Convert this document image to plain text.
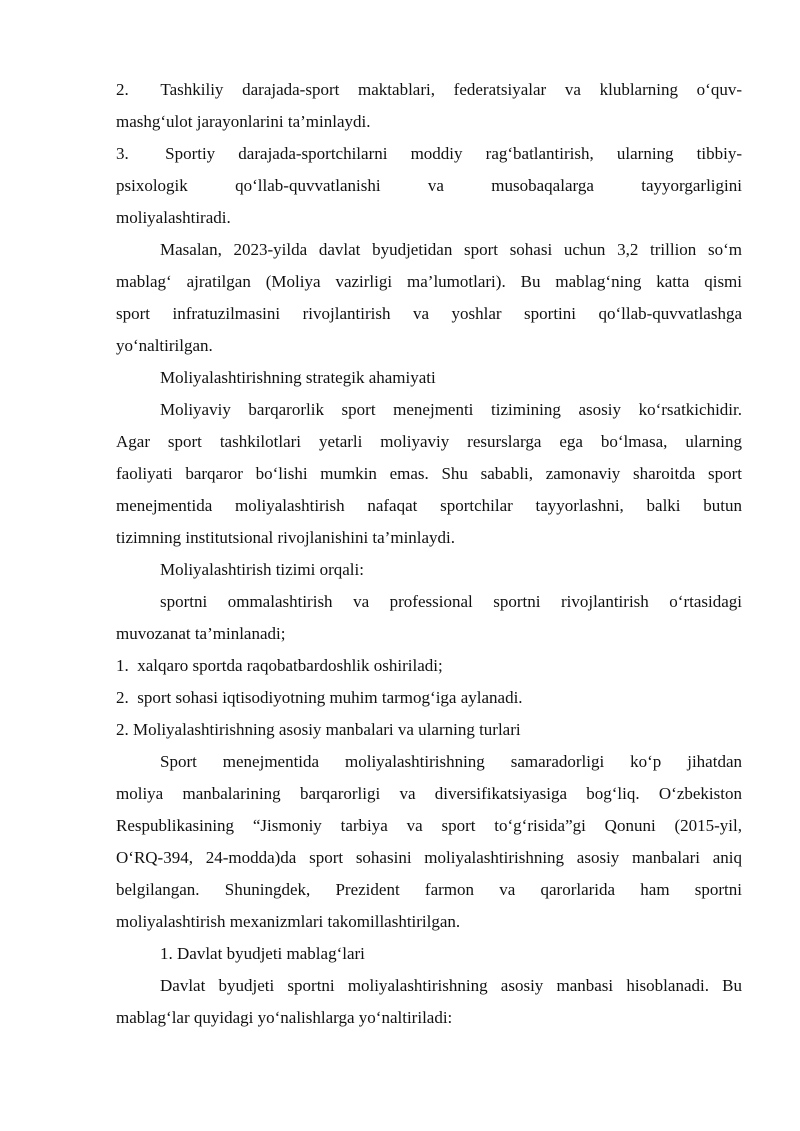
2. Tashkiliy darajada-sport maktablari, federatsiyalar va klublarning o‘quv-
mashg‘ulot jarayonlarini ta’minlaydi.
3. Sportiy darajada-sportchilarni moddiy rag‘batlantirish, ularning tibbiy-
psixologik	qo‘llab-quvvatlanishi	va	musobaqalarga	tayyorgarligini
moliyalashtiradi.
Masalan, 2023-yilda davlat byudjetidan sport sohasi uchun 3,2 trillion so‘m
mablag‘ ajratilgan (Moliya vazirligi ma’lumotlari). Bu mablag‘ning katta qismi
sport infratuzilmasini rivojlantirish va yoshlar sportini qo‘llab-quvvatlashga
yo‘naltirilgan.
Moliyalashtirishning strategik ahamiyati
Moliyaviy barqarorlik sport menejmenti tizimining asosiy ko‘rsatkichidir.
Agar sport tashkilotlari yetarli moliyaviy resurslarga ega bo‘lmasa, ularning
faoliyati barqaror bo‘lishi mumkin emas. Shu sababli, zamonaviy sharoitda sport
menejmentida moliyalashtirish nafaqat sportchilar tayyorlashni, balki butun
tizimning institutsional rivojlanishini ta’minlaydi.
Moliyalashtirish tizimi orqali:
sportni ommalashtirish va professional sportni rivojlantirish o‘rtasidagi
muvozanat ta’minlanadi;
1. xalqaro sportda raqobatbardoshlik oshiriladi;
2. sport sohasi iqtisodiyotning muhim tarmog‘iga aylanadi.
2. Moliyalashtirishning asosiy manbalari va ularning turlari
Sport menejmentida moliyalashtirishning samaradorligi ko‘p jihatdan
moliya manbalarining barqarorligi va diversifikatsiyasiga bog‘liq. O‘zbekiston
Respublikasining “Jismoniy tarbiya va sport to‘g‘risida”gi Qonuni (2015-yil,
O‘RQ-394, 24-modda)da sport sohasini moliyalashtirishning asosiy manbalari aniq
belgilangan. Shuningdek, Prezident farmon va qarorlarida ham sportni
moliyalashtirish mexanizmlari takomillashtirilgan.
1. Davlat byudjeti mablag‘lari
Davlat byudjeti sportni moliyalashtirishning asosiy manbasi hisoblanadi. Bu
mablag‘lar quyidagi yo‘nalishlarga yo‘naltiriladi:
